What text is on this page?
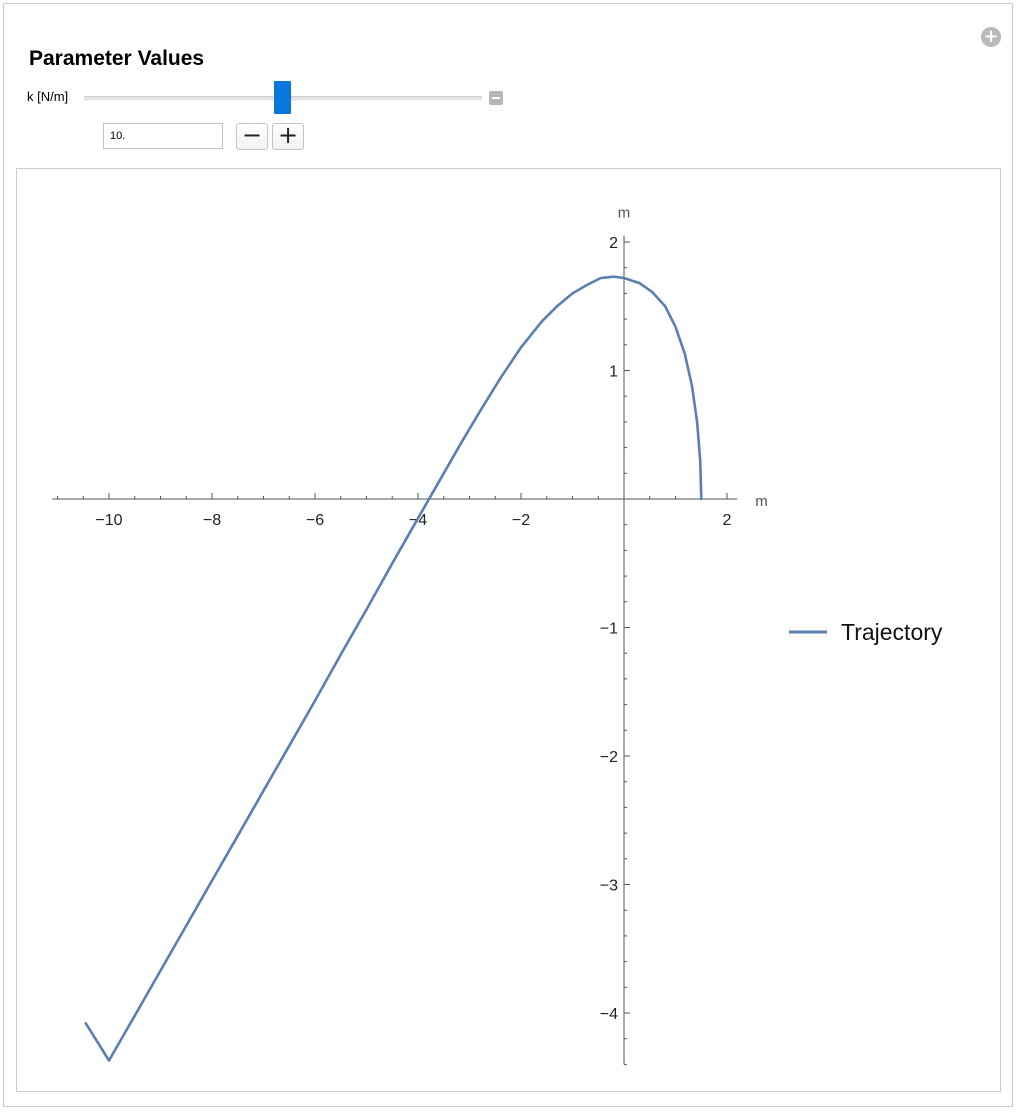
+
Parameter Values
k [N/m]
10.
− +
−10	−8	−6	−4	−2	2
−4
−3
−2
−1
1
2
m
m
Trajectory
